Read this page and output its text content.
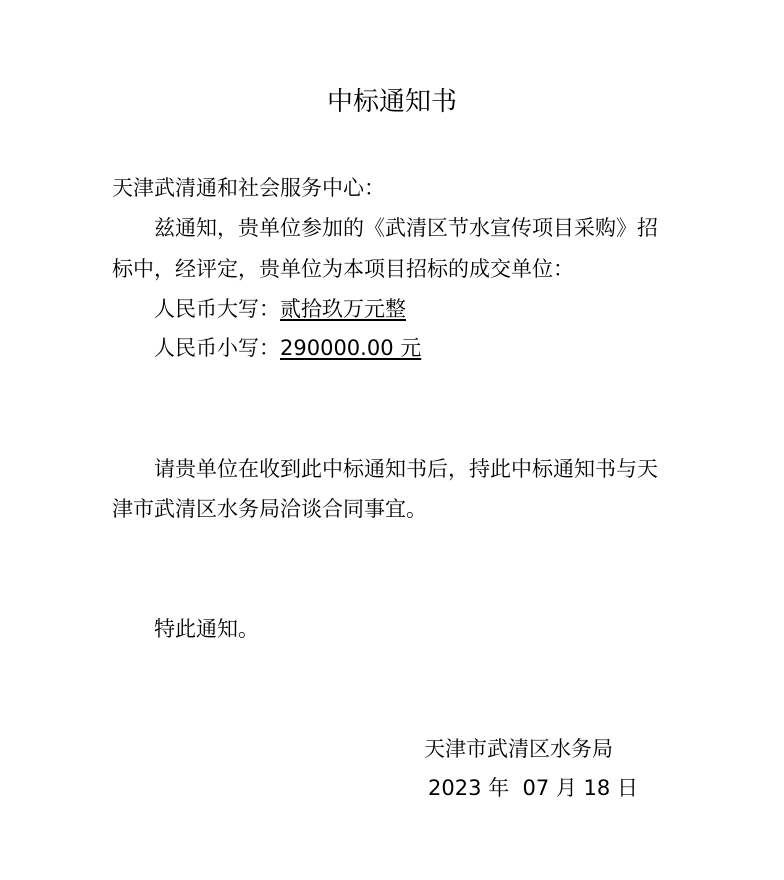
中标通知书
天津武清通和社会服务中心：
兹通知，贵单位参加的《武清区节水宣传项目采购》招
标中，经评定，贵单位为本项目招标的成交单位：
人民币大写：贰拾玖万元整
人民币小写：290000.00 元
请贵单位在收到此中标通知书后，持此中标通知书与天
津市武清区水务局洽谈合同事宜。
特此通知。
天津市武清区水务局
2023 年  07 月 18 日
